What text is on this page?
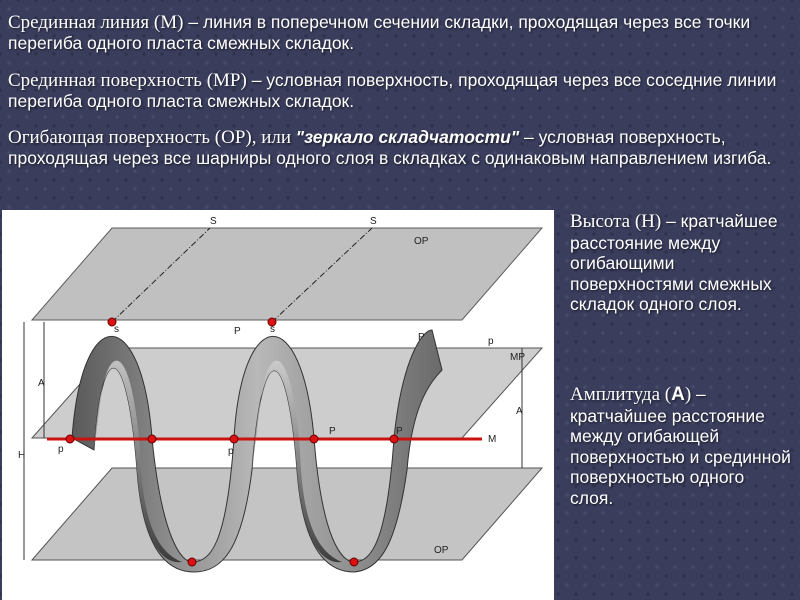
Срединная линия (М) – линия в поперечном сечении складки, проходящая через все точки перегиба одного пласта смежных складок.

Срединная поверхность (МР) – условная поверхность, проходящая через все соседние линии перегиба одного пласта смежных складок.

Огибающая поверхность (ОР), или "зеркало складчатости" – условная поверхность, проходящая через все шарниры одного слоя в складках с одинаковым направлением изгиба.

S	S
s	s
OP
OP
MP
P
P	p
p	p
P	P
M
A
A
H

Высота (Н) – кратчайшее расстояние между огибающими поверхностями смежных складок одного слоя.

Амплитуда (А) – кратчайшее расстояние между огибающей поверхностью и срединной поверхностью одного слоя.
